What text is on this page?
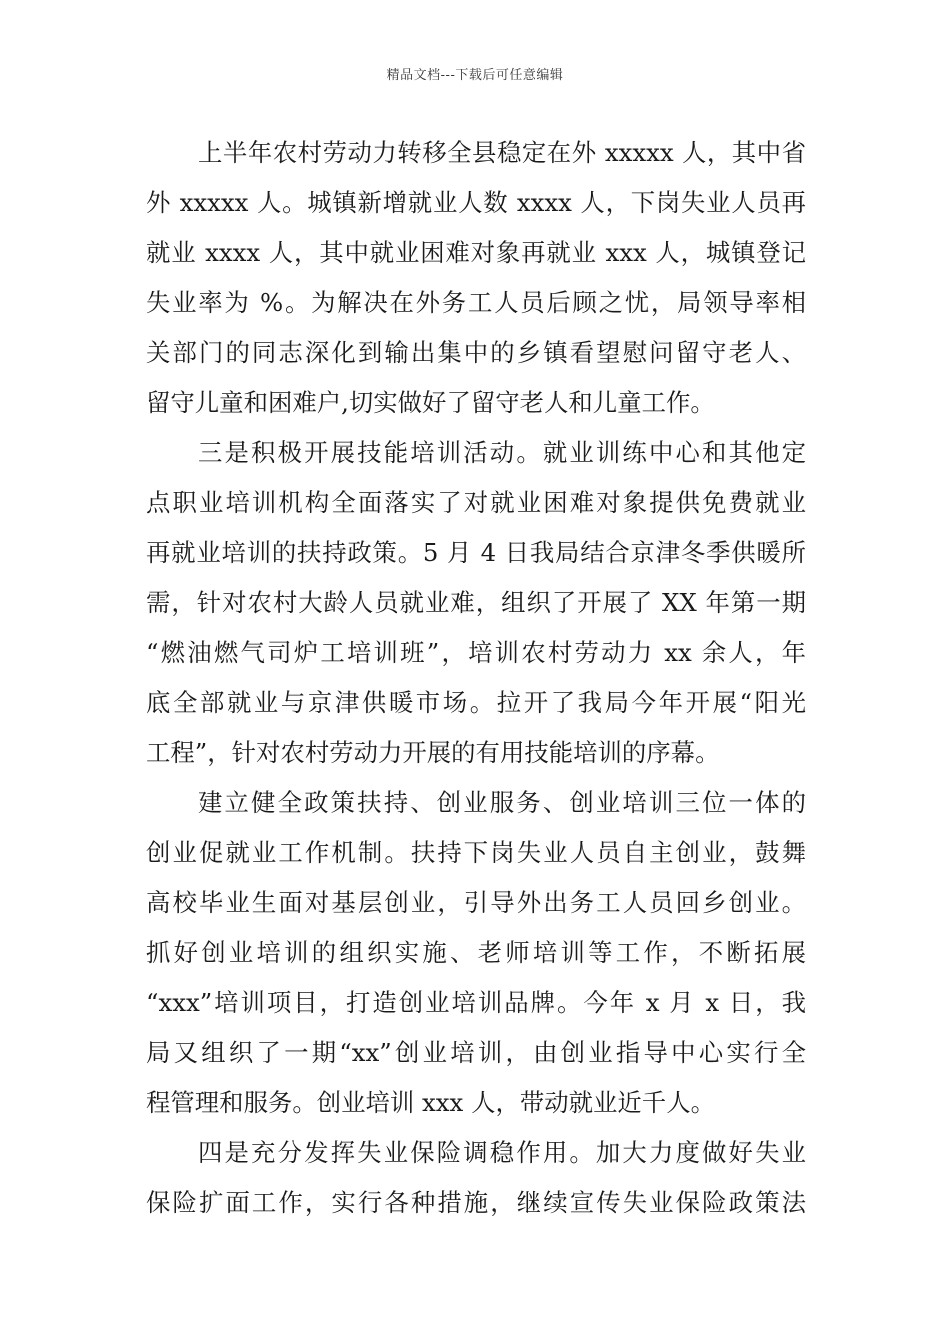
精品文档---下载后可任意编辑
上半年农村劳动力转移全县稳定在外 xxxxx 人，其中省
外 xxxxx 人。城镇新增就业人数 xxxx 人，下岗失业人员再
就业 xxxx 人，其中就业困难对象再就业 xxx 人，城镇登记
失业率为 %。为解决在外务工人员后顾之忧，局领导率相
关部门的同志深化到输出集中的乡镇看望慰问留守老人、
留守儿童和困难户,切实做好了留守老人和儿童工作。
三是积极开展技能培训活动。就业训练中心和其他定
点职业培训机构全面落实了对就业困难对象提供免费就业
再就业培训的扶持政策。5 月 4 日我局结合京津冬季供暖所
需，针对农村大龄人员就业难，组织了开展了 XX 年第一期
“燃油燃气司炉工培训班”，培训农村劳动力 xx 余人，年
底全部就业与京津供暖市场。拉开了我局今年开展“阳光
工程”，针对农村劳动力开展的有用技能培训的序幕。
建立健全政策扶持、创业服务、创业培训三位一体的
创业促就业工作机制。扶持下岗失业人员自主创业，鼓舞
高校毕业生面对基层创业，引导外出务工人员回乡创业。
抓好创业培训的组织实施、老师培训等工作，不断拓展
“xxx”培训项目，打造创业培训品牌。今年 x 月 x 日，我
局又组织了一期“xx”创业培训，由创业指导中心实行全
程管理和服务。创业培训 xxx 人，带动就业近千人。
四是充分发挥失业保险调稳作用。加大力度做好失业
保险扩面工作，实行各种措施，继续宣传失业保险政策法
